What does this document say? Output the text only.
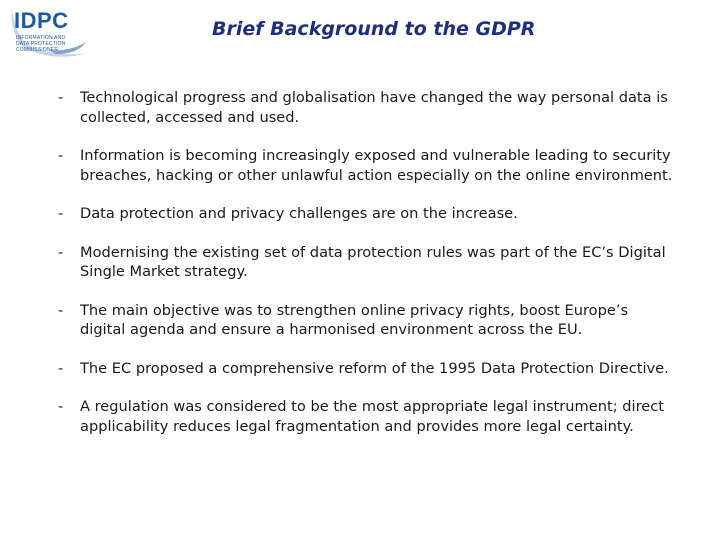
IDPC
INFORMATION AND DATA PROTECTION COMMISSIONER
Brief Background to the GDPR
- Technological progress and globalisation have changed the way personal data is collected, accessed and used.
- Information is becoming increasingly exposed and vulnerable leading to security breaches, hacking or other unlawful action especially on the online environment.
- Data protection and privacy challenges are on the increase.
- Modernising the existing set of data protection rules was part of the EC’s Digital Single Market strategy.
- The main objective was to strengthen online privacy rights, boost Europe’s digital agenda and ensure a harmonised environment across the EU.
- The EC proposed a comprehensive reform of the 1995 Data Protection Directive.
- A regulation was considered to be the most appropriate legal instrument; direct applicability reduces legal fragmentation and provides more legal certainty.
